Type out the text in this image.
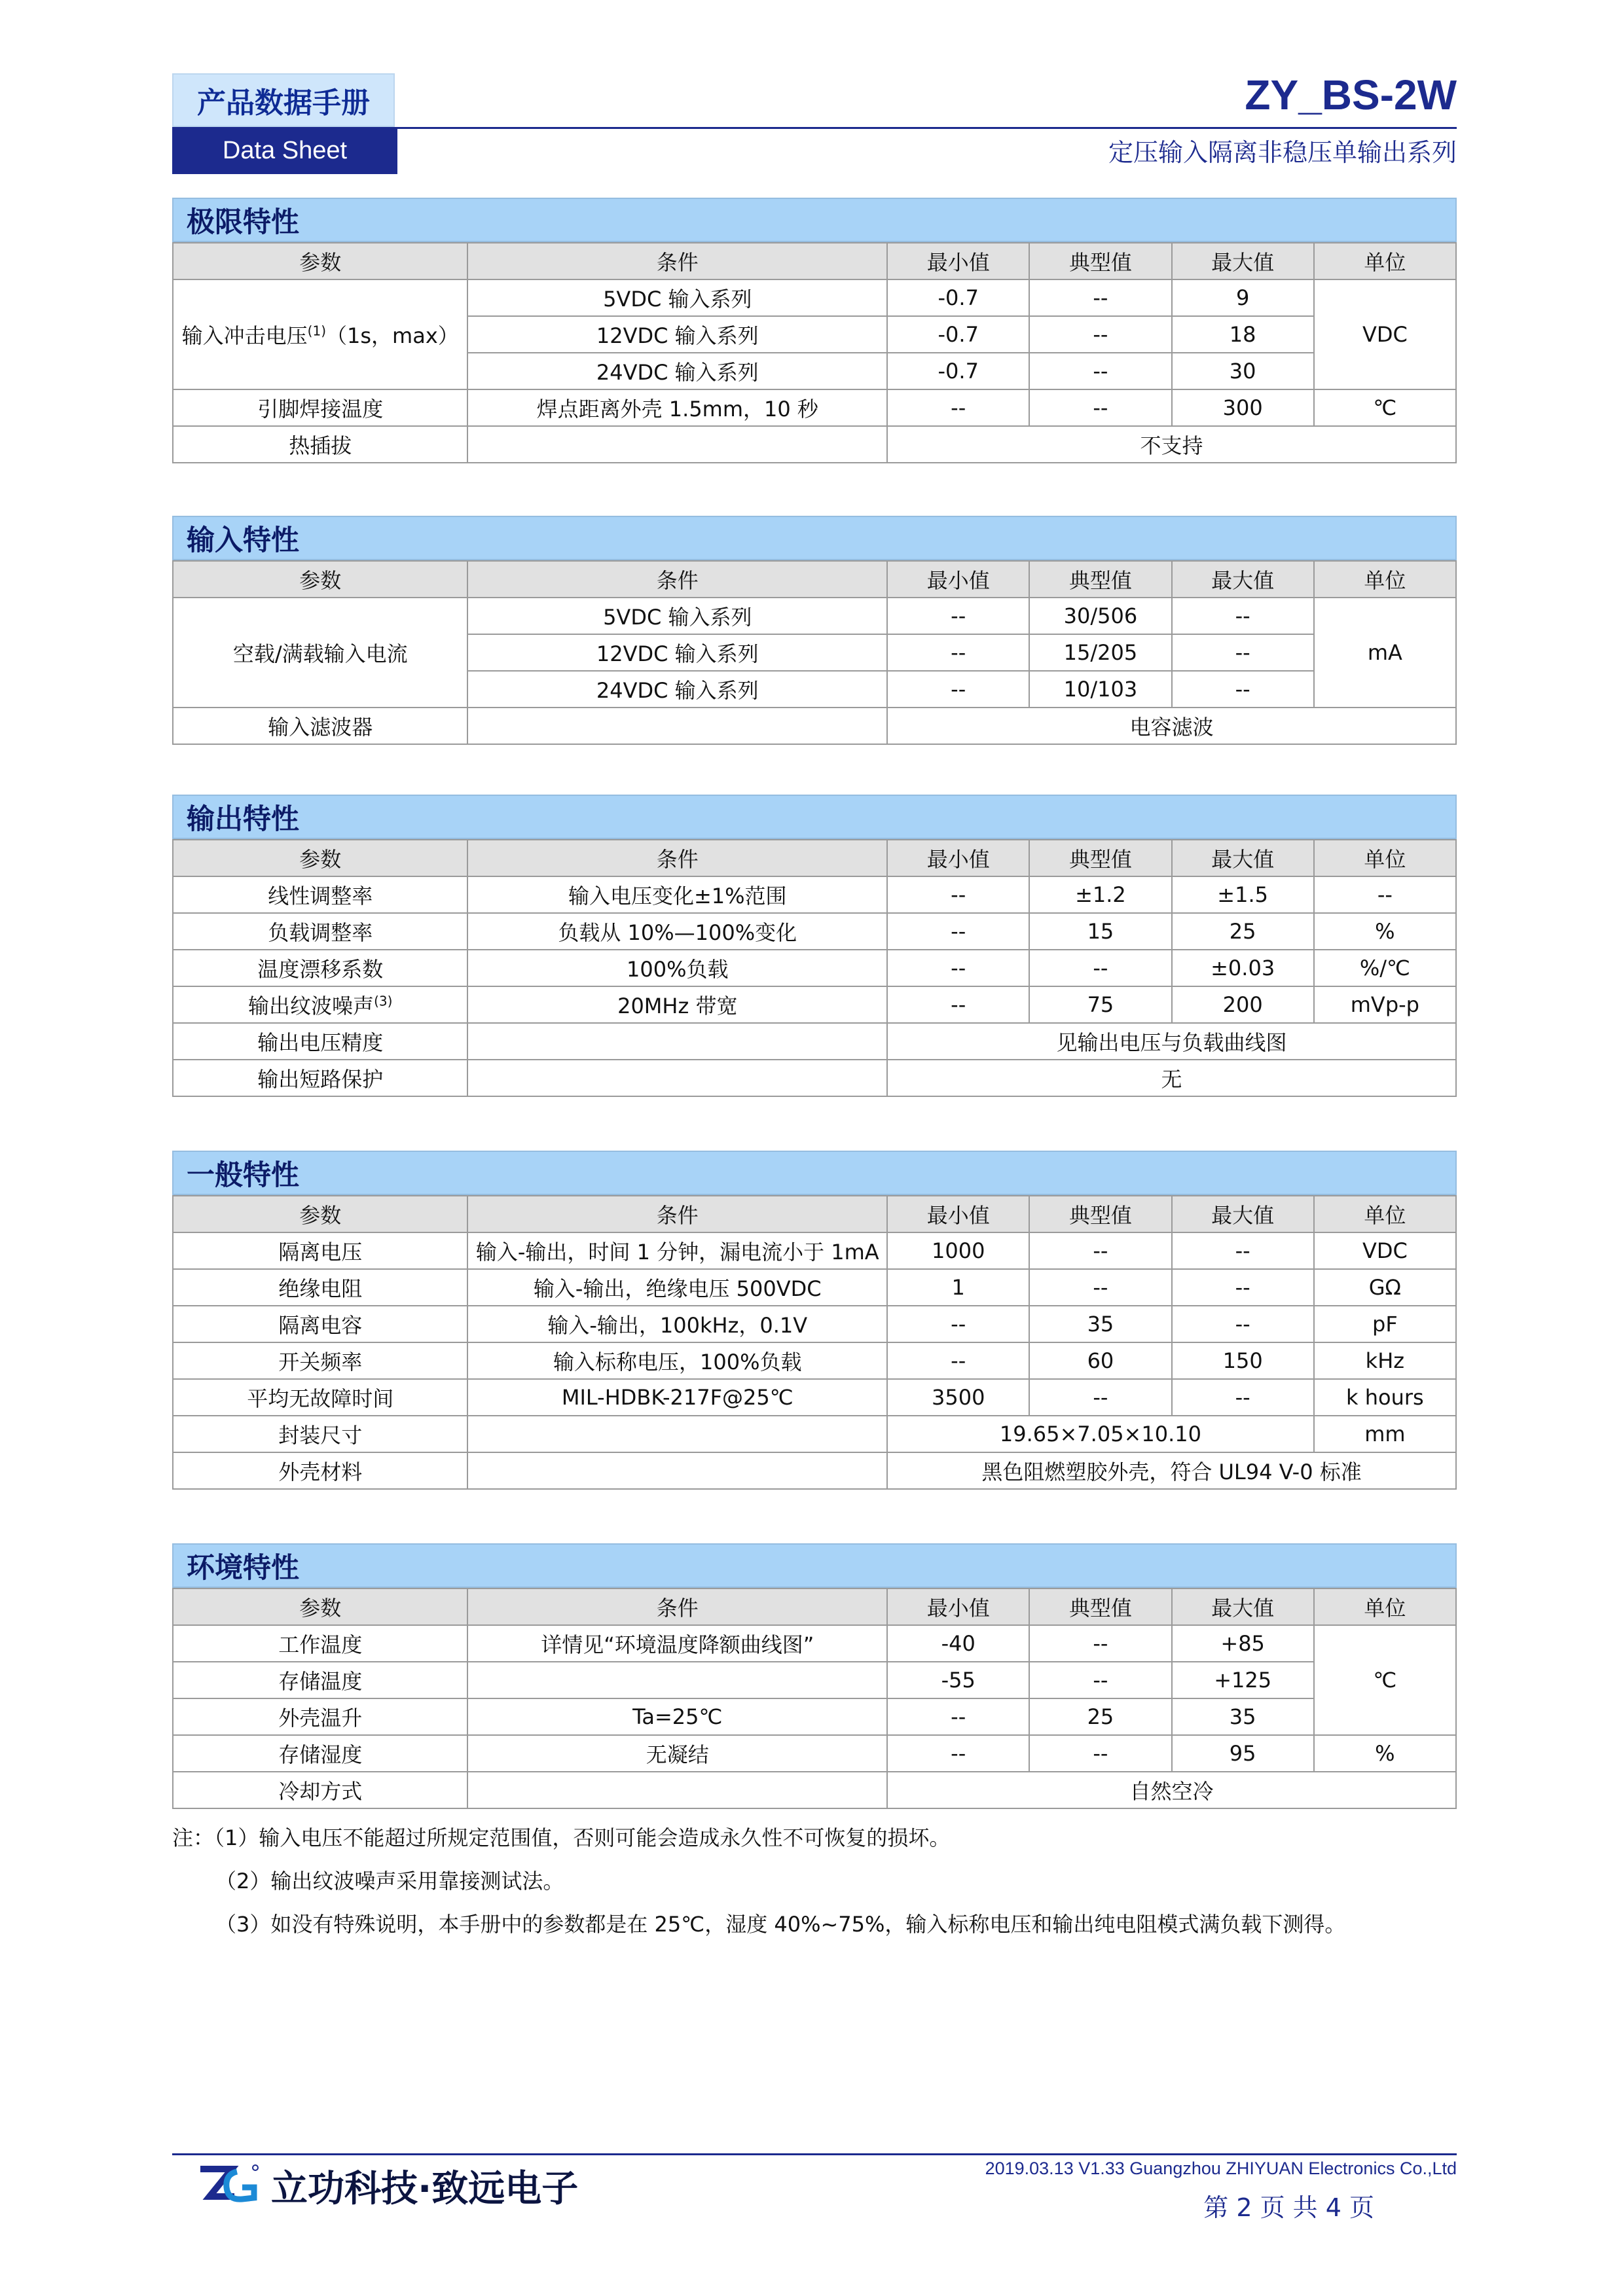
产品数据手册
Data Sheet
ZY_BS-2W
定压输入隔离非稳压单输出系列
极限特性
参数	条件	最小值	典型值	最大值	单位
输入冲击电压$^{(1)}$（1s，max）	5VDC 输入系列	-0.7	--	9	VDC
	12VDC 输入系列	-0.7	--	18	
	24VDC 输入系列	-0.7	--	30	
引脚焊接温度	焊点距离外壳 1.5mm，10 秒	--	--	300	℃
热插拔		不支持			
输入特性
参数	条件	最小值	典型值	最大值	单位
空载/满载输入电流	5VDC 输入系列	--	30/506	--	mA
	12VDC 输入系列	--	15/205	--	
	24VDC 输入系列	--	10/103	--	
输入滤波器		电容滤波			
输出特性
参数	条件	最小值	典型值	最大值	单位
线性调整率	输入电压变化±1%范围	--	±1.2	±1.5	--
负载调整率	负载从 10%—100%变化	--	15	25	%
温度漂移系数	100%负载	--	--	±0.03	%/℃
输出纹波噪声$^{(3)}$	20MHz 带宽	--	75	200	mVp-p
输出电压精度		见输出电压与负载曲线图			
输出短路保护		无			
一般特性
参数	条件	最小值	典型值	最大值	单位
隔离电压	输入-输出，时间 1 分钟，漏电流小于 1mA	1000	--	--	VDC
绝缘电阻	输入-输出，绝缘电压 500VDC	1	--	--	GΩ
隔离电容	输入-输出，100kHz，0.1V	--	35	--	pF
开关频率	输入标称电压，100%负载	--	60	150	kHz
平均无故障时间	MIL-HDBK-217F@25℃	3500	--	--	k hours
封装尺寸		19.65×7.05×10.10			mm
外壳材料		黑色阻燃塑胶外壳，符合 UL94 V-0 标准			
环境特性
参数	条件	最小值	典型值	最大值	单位
工作温度	详情见“环境温度降额曲线图”	-40	--	+85	℃
存储温度		-55	--	+125	
外壳温升	Ta=25℃	--	25	35	
存储湿度	无凝结	--	--	95	%
冷却方式		自然空冷			
注：（1）输入电压不能超过所规定范围值，否则可能会造成永久性不可恢复的损坏。
（2）输出纹波噪声采用靠接测试法。
（3）如没有特殊说明，本手册中的参数都是在 25℃，湿度 40%~75%，输入标称电压和输出纯电阻模式满负载下测得。
立功科技·致远电子	2019.03.13 V1.33 Guangzhou ZHIYUAN Electronics Co.,Ltd
第 2 页 共 4 页
